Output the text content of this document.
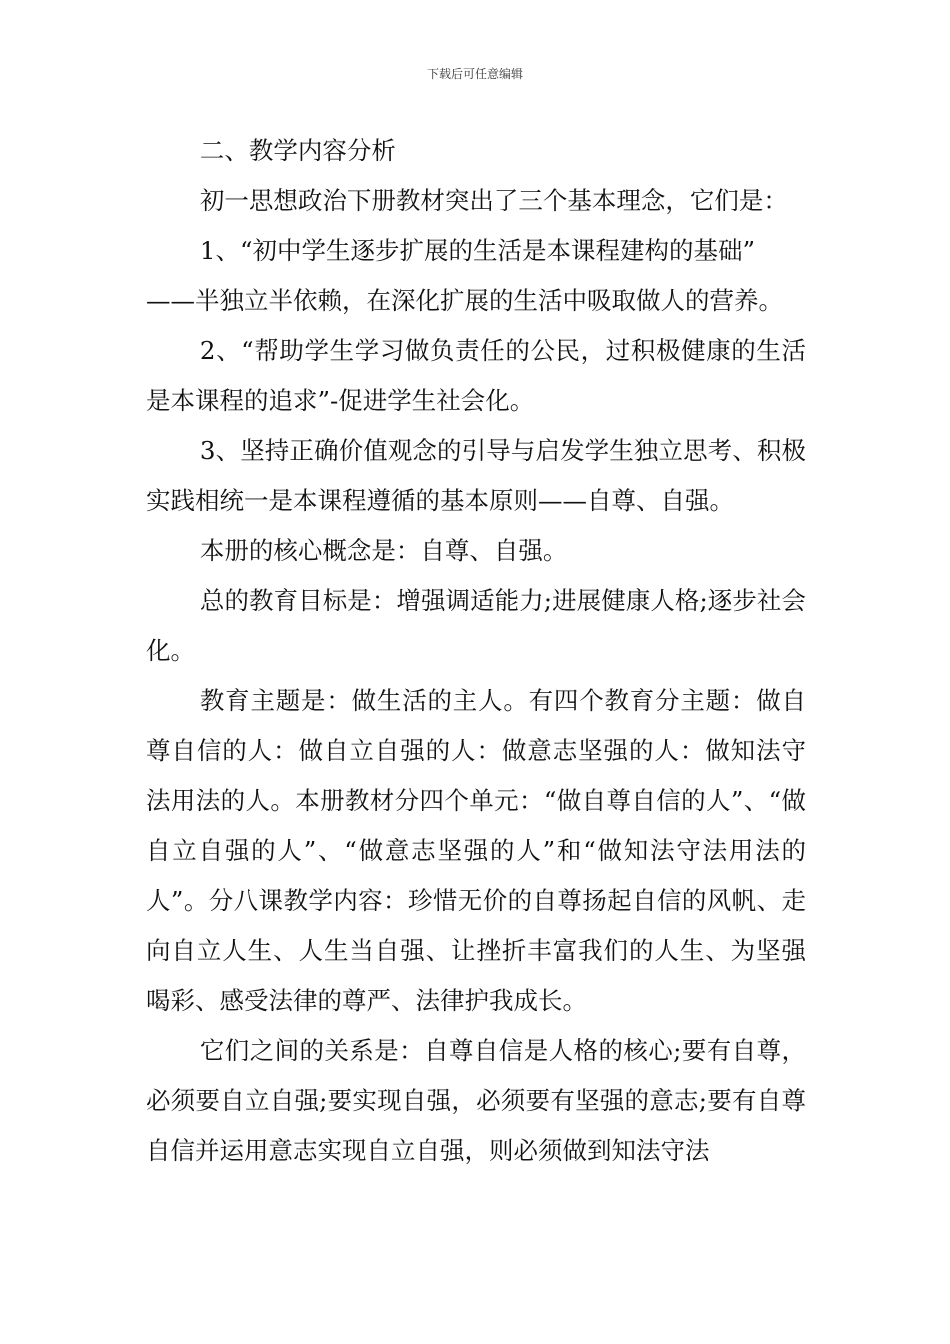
下载后可任意编辑

二、教学内容分析

初一思想政治下册教材突出了三个基本理念，它们是：

1、“初中学生逐步扩展的生活是本课程建构的基础”

——半独立半依赖，在深化扩展的生活中吸取做人的营养。

2、“帮助学生学习做负责任的公民，过积极健康的生活是本课程的追求”-促进学生社会化。

3、坚持正确价值观念的引导与启发学生独立思考、积极实践相统一是本课程遵循的基本原则——自尊、自强。

本册的核心概念是：自尊、自强。

总的教育目标是：增强调适能力;进展健康人格;逐步社会化。

教育主题是：做生活的主人。有四个教育分主题：做自尊自信的人：做自立自强的人：做意志坚强的人：做知法守法用法的人。本册教材分四个单元：“做自尊自信的人”、“做自立自强的人”、“做意志坚强的人”和“做知法守法用法的人”。分八课教学内容：珍惜无价的自尊扬起自信的风帆、走向自立人生、人生当自强、让挫折丰富我们的人生、为坚强喝彩、感受法律的尊严、法律护我成长。

它们之间的关系是：自尊自信是人格的核心;要有自尊，必须要自立自强;要实现自强，必须要有坚强的意志;要有自尊自信并运用意志实现自立自强，则必须做到知法守法
